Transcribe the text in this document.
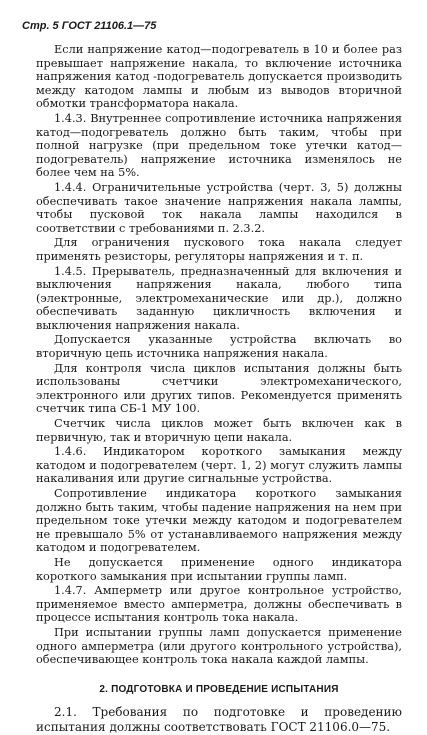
Стр. 5 ГОСТ 21106.1—75

Если напряжение катод—подогреватель в 10 и более раз превышает напряжение накала, то включение источника напряжения катод -подогреватель допускается производить между катодом лампы и любым из выводов вторичной обмотки трансформатора накала.

1.4.3. Внутреннее сопротивление источника напряжения катод—подогреватель должно быть таким, чтобы при полной нагрузке (при предельном токе утечки катод—подогреватель) напряжение источника изменялось не более чем на 5%.

1.4.4. Ограничительные устройства (черт. 3, 5) должны обеспечивать такое значение напряжения накала лампы, чтобы пусковой ток накала лампы находился в соответствии с требованиями п. 2.3.2.

Для ограничения пускового тока накала следует применять резисторы, регуляторы напряжения и т. п.

1.4.5. Прерыватель, предназначенный для включения и выключения напряжения накала, любого типа (электронные, электромеханические или др.), должно обеспечивать заданную цикличность включения и выключения напряжения накала.

Допускается указанные устройства включать во вторичную цепь источника напряжения накала.

Для контроля числа циклов испытания должны быть использованы счетчики электромеханического, электронного или других типов. Рекомендуется применять счетчик типа СБ-1 МУ 100.

Счетчик числа циклов может быть включен как в первичную, так и вторичную цепи накала.

1.4.6. Индикатором короткого замыкания между катодом и подогревателем (черт. 1, 2) могут служить лампы накаливания или другие сигнальные устройства.

Сопротивление индикатора короткого замыкания должно быть таким, чтобы падение напряжения на нем при предельном токе утечки между катодом и подогревателем не превышало 5% от устанавливаемого напряжения между катодом и подогревателем.

Не допускается применение одного индикатора короткого замыкания при испытании группы ламп.

1.4.7. Амперметр или другое контрольное устройство, применяемое вместо амперметра, должны обеспечивать в процессе испытания контроль тока накала.

При испытании группы ламп допускается применение одного амперметра (или другого контрольного устройства), обеспечивающее контроль тока накала каждой лампы.

2. ПОДГОТОВКА И ПРОВЕДЕНИЕ ИСПЫТАНИЯ

2.1. Требования по подготовке и проведению испытания должны соответствовать ГОСТ 21106.0—75.
